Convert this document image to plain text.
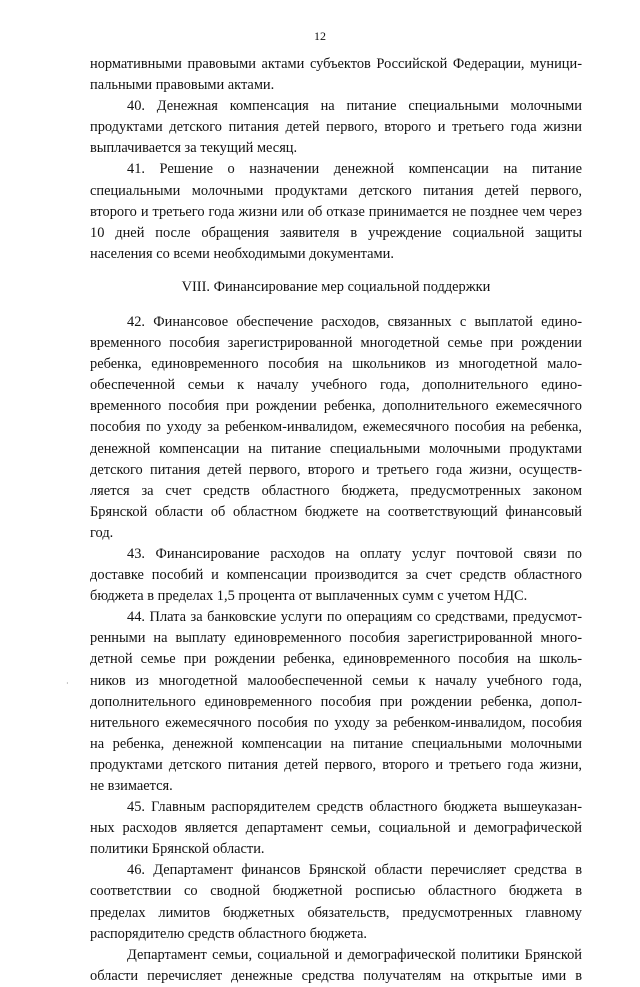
12
нормативными правовыми актами субъектов Российской Федерации, муници-
пальными правовыми актами.
40. Денежная компенсация на питание специальными молочными
продуктами детского питания детей первого, второго и третьего года жизни
выплачивается за текущий месяц.
41. Решение о назначении денежной компенсации на питание
специальными молочными продуктами детского питания детей первого,
второго и третьего года жизни или об отказе принимается не позднее чем через
10 дней после обращения заявителя в учреждение социальной защиты
населения со всеми необходимыми документами.
VIII. Финансирование мер социальной поддержки
42. Финансовое обеспечение расходов, связанных с выплатой едино-
временного пособия зарегистрированной многодетной семье при рождении
ребенка, единовременного пособия на школьников из многодетной мало-
обеспеченной семьи к началу учебного года, дополнительного едино-
временного пособия при рождении ребенка, дополнительного ежемесячного
пособия по уходу за ребенком-инвалидом, ежемесячного пособия на ребенка,
денежной компенсации на питание специальными молочными продуктами
детского питания детей первого, второго и третьего года жизни, осуществ-
ляется за счет средств областного бюджета, предусмотренных законом
Брянской области об областном бюджете на соответствующий финансовый
год.
43. Финансирование расходов на оплату услуг почтовой связи по
доставке пособий и компенсации производится за счет средств областного
бюджета в пределах 1,5 процента от выплаченных сумм с учетом НДС.
44. Плата за банковские услуги по операциям со средствами, предусмот-
ренными на выплату единовременного пособия зарегистрированной много-
детной семье при рождении ребенка, единовременного пособия на школь-
ников из многодетной малообеспеченной семьи к началу учебного года,
дополнительного единовременного пособия при рождении ребенка, допол-
нительного ежемесячного пособия по уходу за ребенком-инвалидом, пособия
на ребенка, денежной компенсации на питание специальными молочными
продуктами детского питания детей первого, второго и третьего года жизни,
не взимается.
45. Главным распорядителем средств областного бюджета вышеуказан-
ных расходов является департамент семьи, социальной и демографической
политики Брянской области.
46. Департамент финансов Брянской области перечисляет средства в
соответствии со сводной бюджетной росписью областного бюджета в
пределах лимитов бюджетных обязательств, предусмотренных главному
распорядителю средств областного бюджета.
Департамент семьи, социальной и демографической политики Брянской
области перечисляет денежные средства получателям на открытые ими в
·
